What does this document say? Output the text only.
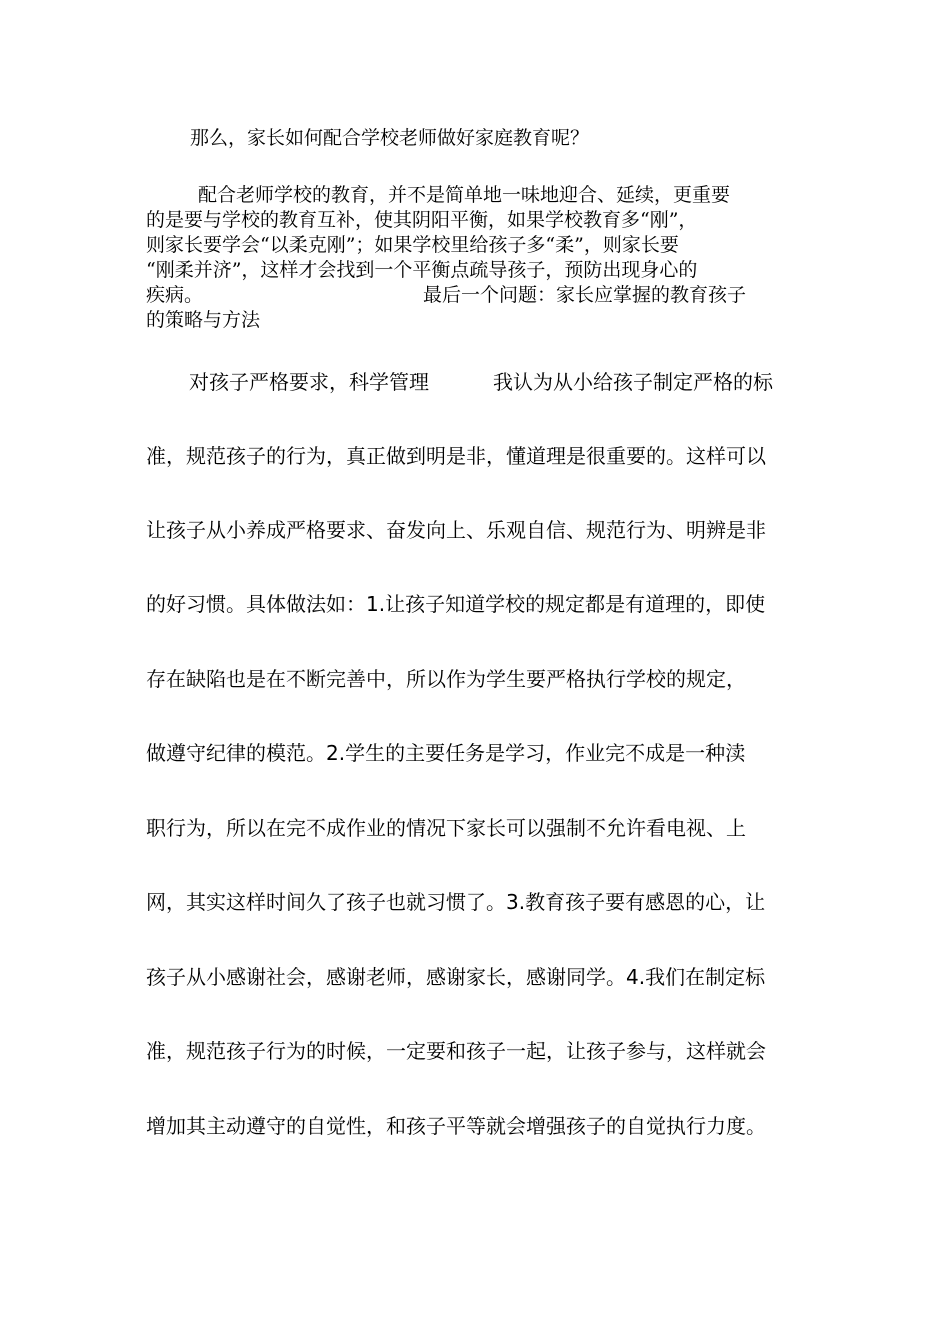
那么，家长如何配合学校老师做好家庭教育呢？
配合老师学校的教育，并不是简单地一味地迎合、延续，更重要
的是要与学校的教育互补，使其阴阳平衡，如果学校教育多“刚”，
则家长要学会“以柔克刚”；如果学校里给孩子多“柔”，则家长要
“刚柔并济”，这样才会找到一个平衡点疏导孩子，预防出现身心的
疾病。	最后一个问题：家长应掌握的教育孩子
的策略与方法
对孩子严格要求，科学管理	我认为从小给孩子制定严格的标
准，规范孩子的行为，真正做到明是非，懂道理是很重要的。这样可以
让孩子从小养成严格要求、奋发向上、乐观自信、规范行为、明辨是非
的好习惯。具体做法如：1.让孩子知道学校的规定都是有道理的，即使
存在缺陷也是在不断完善中，所以作为学生要严格执行学校的规定，
做遵守纪律的模范。2.学生的主要任务是学习，作业完不成是一种渎
职行为，所以在完不成作业的情况下家长可以强制不允许看电视、上
网，其实这样时间久了孩子也就习惯了。3.教育孩子要有感恩的心，让
孩子从小感谢社会，感谢老师，感谢家长，感谢同学。4.我们在制定标
准，规范孩子行为的时候，一定要和孩子一起，让孩子参与，这样就会
增加其主动遵守的自觉性，和孩子平等就会增强孩子的自觉执行力度。
